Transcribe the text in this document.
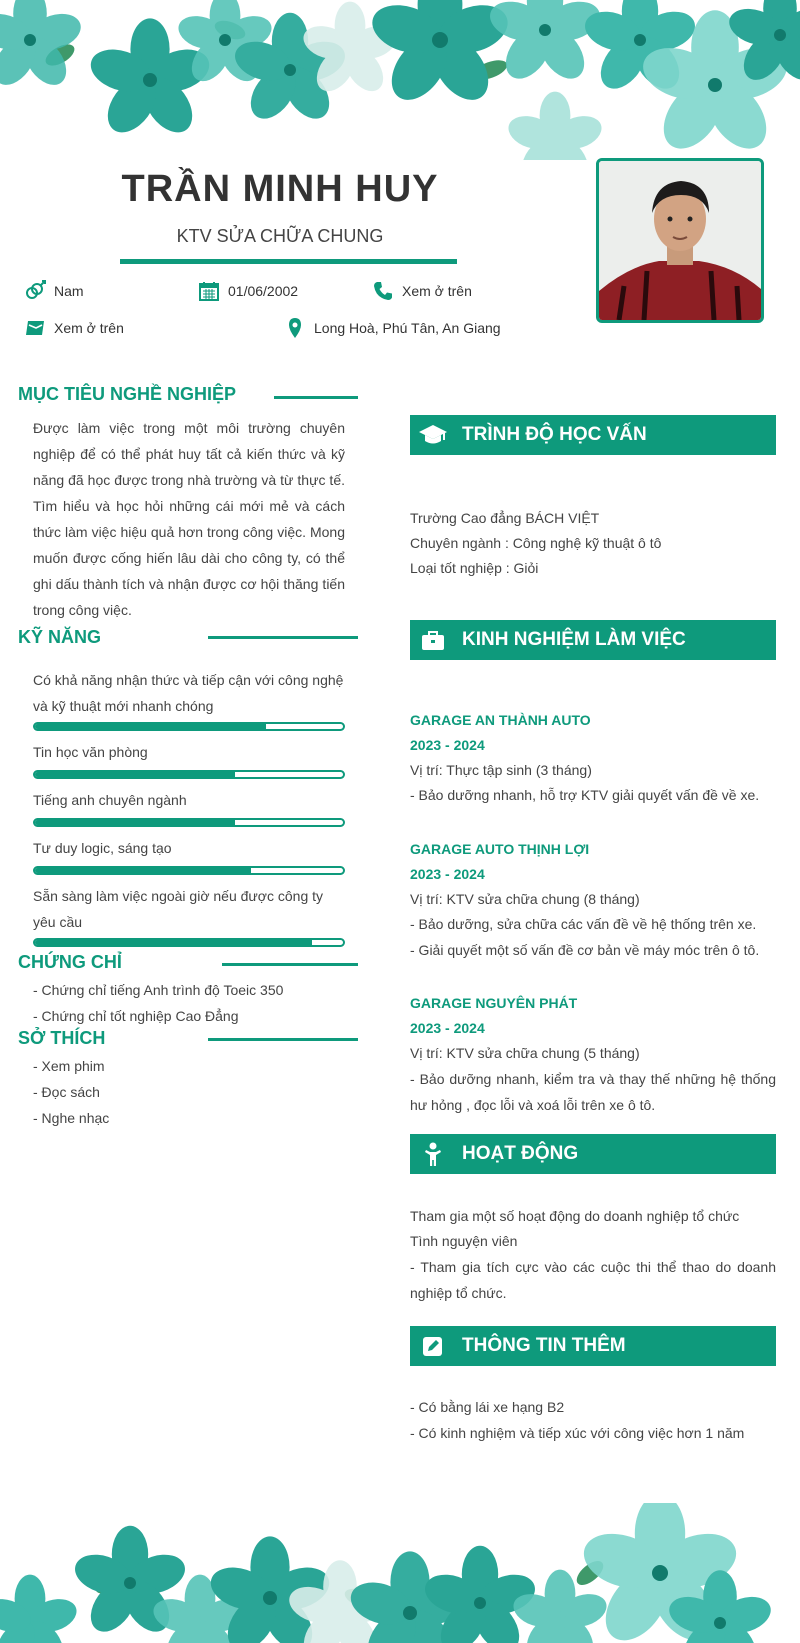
TRẦN MINH HUY
KTV SỬA CHỮA CHUNG
Nam	01/06/2002	Xem ở trên
Xem ở trên	Long Hoà, Phú Tân, An Giang
MỤC TIÊU NGHỀ NGHIỆP
Được làm việc trong một môi trường chuyên nghiệp để có thể phát huy tất cả kiến thức và kỹ năng đã học được trong nhà trường và từ thực tế. Tìm hiểu và học hỏi những cái mới mẻ và cách thức làm việc hiệu quả hơn trong công việc. Mong muốn được cống hiến lâu dài cho công ty, có thể ghi dấu thành tích và nhận được cơ hội thăng tiến trong công việc.
KỸ NĂNG
Có khả năng nhận thức và tiếp cận với công nghệ và kỹ thuật mới nhanh chóng
Tin học văn phòng
Tiếng anh chuyên ngành
Tư duy logic, sáng tạo
Sẵn sàng làm việc ngoài giờ nếu được công ty yêu cầu
CHỨNG CHỈ
- Chứng chỉ tiếng Anh trình độ Toeic 350
- Chứng chỉ tốt nghiệp Cao Đẳng
SỞ THÍCH
- Xem phim
- Đọc sách
- Nghe nhạc
TRÌNH ĐỘ HỌC VẤN
Trường Cao đẳng BÁCH VIỆT
Chuyên ngành : Công nghệ kỹ thuật ô tô
Loại tốt nghiệp : Giỏi
KINH NGHIỆM LÀM VIỆC
GARAGE AN THÀNH AUTO
2023 - 2024
Vị trí: Thực tập sinh (3 tháng)
- Bảo dưỡng nhanh, hỗ trợ KTV giải quyết vấn đề về xe.
GARAGE AUTO THỊNH LỢI
2023 - 2024
Vị trí: KTV sửa chữa chung (8 tháng)
- Bảo dưỡng, sửa chữa các vấn đề về hệ thống trên xe.
- Giải quyết một số vấn đề cơ bản về máy móc trên ô tô.
GARAGE NGUYÊN PHÁT
2023 - 2024
Vị trí: KTV sửa chữa chung (5 tháng)
- Bảo dưỡng nhanh, kiểm tra và thay thế những hệ thống hư hỏng , đọc lỗi và xoá lỗi trên xe ô tô.
HOẠT ĐỘNG
Tham gia một số hoạt động do doanh nghiệp tổ chức
Tình nguyện viên
- Tham gia tích cực vào các cuộc thi thể thao do doanh nghiệp tổ chức.
THÔNG TIN THÊM
- Có bằng lái xe hạng B2
- Có kinh nghiệm và tiếp xúc với công việc hơn 1 năm
